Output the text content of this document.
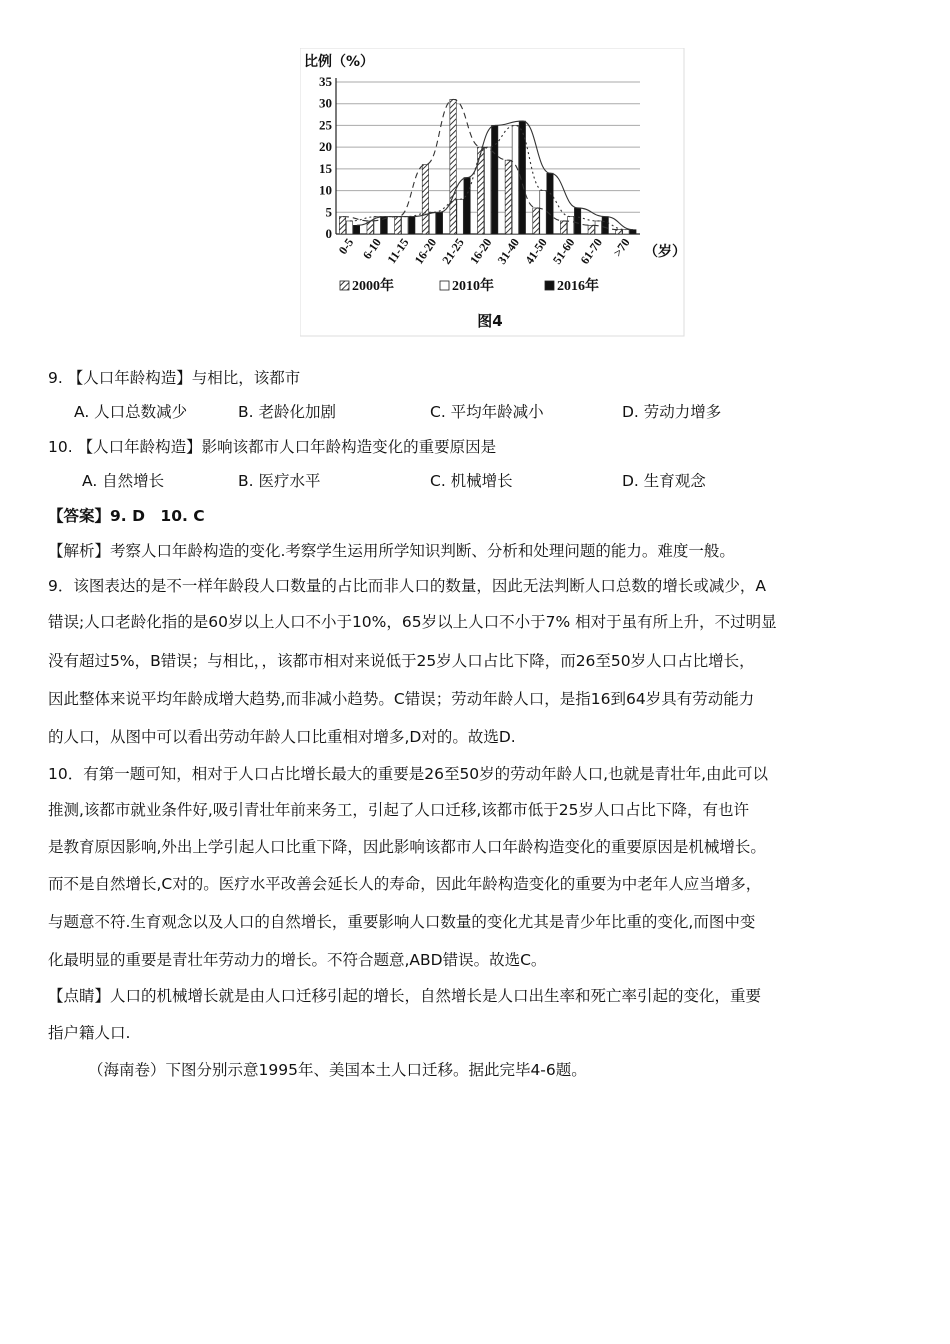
0
5
10
15
20
25
30
35
比例（%）
0-5 6-10 11-15 16-20 21-25 16-20 31-40 41-50 51-60 61-70 >70 （岁）
2000年	2010年	2016年
图4
9. 【人口年龄构造】与相比，该都市
A. 人口总数减少	B. 老龄化加剧	C. 平均年龄减小	D. 劳动力增多
10. 【人口年龄构造】影响该都市人口年龄构造变化的重要原因是
A. 自然增长	B. 医疗水平	C. 机械增长	D. 生育观念
【答案】9. D　10. C
【解析】考察人口年龄构造的变化.考察学生运用所学知识判断、分析和处理问题的能力。难度一般。
9．该图表达的是不一样年龄段人口数量的占比而非人口的数量，因此无法判断人口总数的增长或减少，A
错误;人口老龄化指的是60岁以上人口不小于10%，65岁以上人口不小于7% 相对于虽有所上升，不过明显
没有超过5%，B错误；与相比，，该都市相对来说低于25岁人口占比下降，而26至50岁人口占比增长，
因此整体来说平均年龄成增大趋势,而非减小趋势。C错误；劳动年龄人口，是指16到64岁具有劳动能力
的人口，从图中可以看出劳动年龄人口比重相对增多,D对的。故选D.
10．有第一题可知，相对于人口占比增长最大的重要是26至50岁的劳动年龄人口,也就是青壮年,由此可以
推测,该都市就业条件好,吸引青壮年前来务工，引起了人口迁移,该都市低于25岁人口占比下降，有也许
是教育原因影响,外出上学引起人口比重下降，因此影响该都市人口年龄构造变化的重要原因是机械增长。
而不是自然增长,C对的。医疗水平改善会延长人的寿命，因此年龄构造变化的重要为中老年人应当增多，
与题意不符.生育观念以及人口的自然增长，重要影响人口数量的变化尤其是青少年比重的变化,而图中变
化最明显的重要是青壮年劳动力的增长。不符合题意,ABD错误。故选C。
【点睛】人口的机械增长就是由人口迁移引起的增长，自然增长是人口出生率和死亡率引起的变化，重要
指户籍人口.
（海南卷）下图分别示意1995年、美国本土人口迁移。据此完毕4-6题。
